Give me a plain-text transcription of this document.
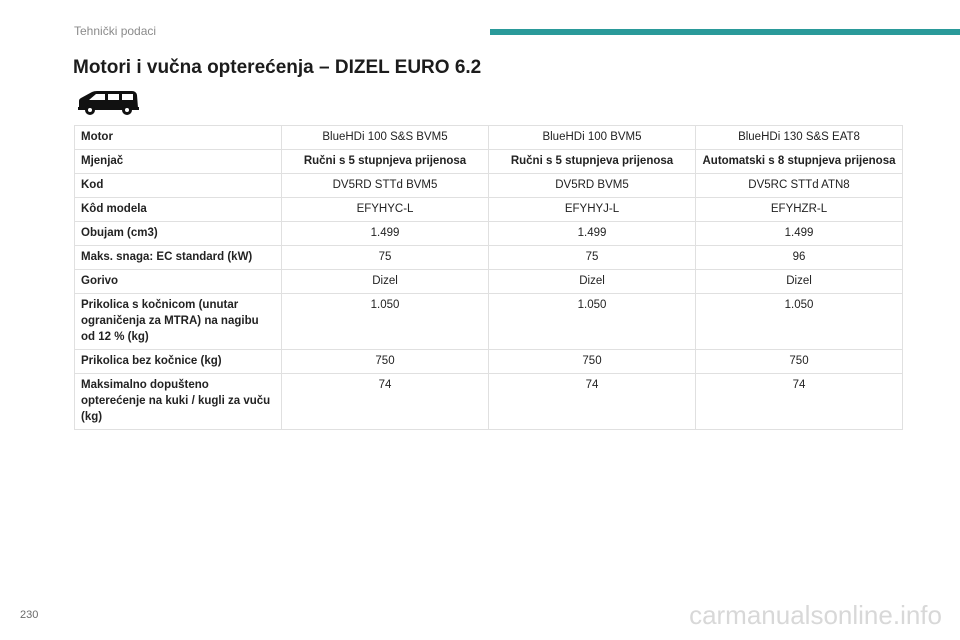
Tehnički podaci
Motori i vučna opterećenja – DIZEL EURO 6.2
Motor	BlueHDi 100 S&S BVM5	BlueHDi 100 BVM5	BlueHDi 130 S&S EAT8
Mjenjač	Ručni s 5 stupnjeva prijenosa	Ručni s 5 stupnjeva prijenosa	Automatski s 8 stupnjeva prijenosa
Kod	DV5RD STTd BVM5	DV5RD BVM5	DV5RC STTd ATN8
Kôd modela	EFYHYC-L	EFYHYJ-L	EFYHZR-L
Obujam (cm3)	1.499	1.499	1.499
Maks. snaga: EC standard (kW)	75	75	96
Gorivo	Dizel	Dizel	Dizel
Prikolica s kočnicom (unutar ograničenja za MTRA) na nagibu od 12 % (kg)	1.050	1.050	1.050
Prikolica bez kočnice (kg)	750	750	750
Maksimalno dopušteno opterećenje na kuki / kugli za vuču (kg)	74	74	74
230	carmanualsonline.info
